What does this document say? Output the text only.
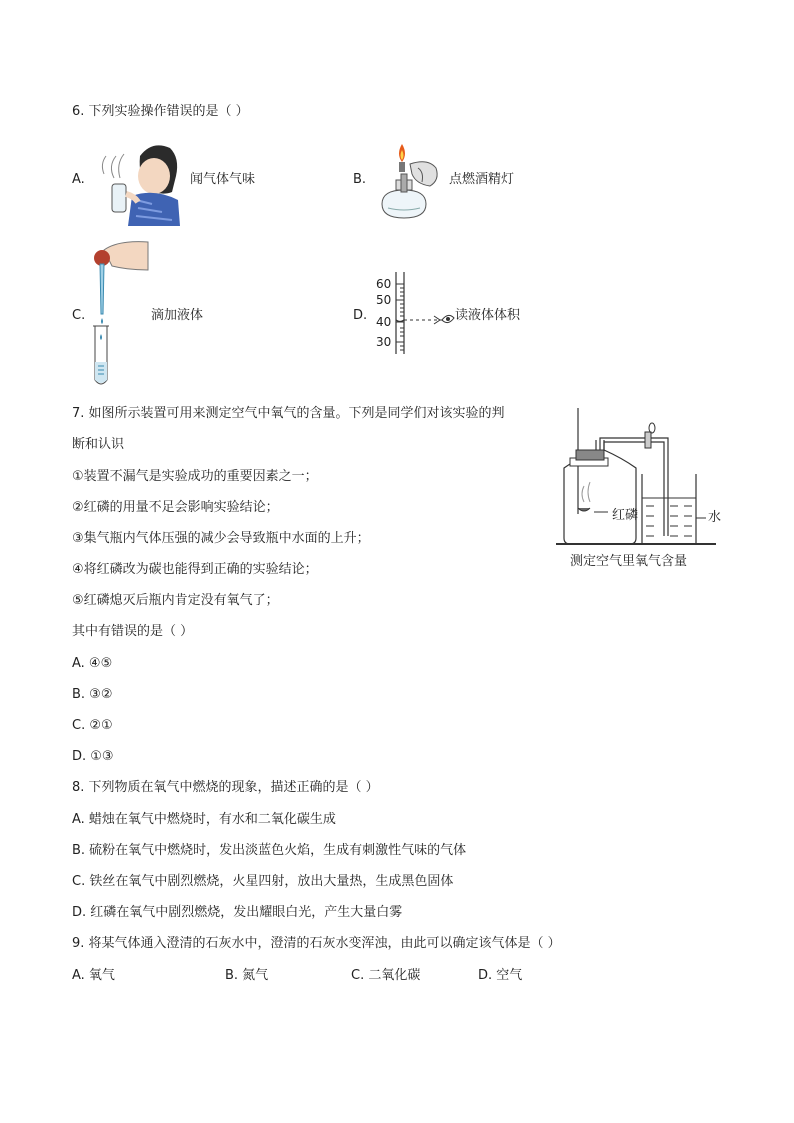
6. 下列实验操作错误的是（ ）
A.	闻气体气味	B.	点燃酒精灯
C.	滴加液体	D.
60
50
40
30
读液体体积
7. 如图所示装置可用来测定空气中氧气的含量。下列是同学们对该实验的判
断和认识
①装置不漏气是实验成功的重要因素之一；
②红磷的用量不足会影响实验结论；
③集气瓶内气体压强的减少会导致瓶中水面的上升；
④将红磷改为碳也能得到正确的实验结论；
⑤红磷熄灭后瓶内肯定没有氧气了；
其中有错误的是（ ）
A. ④⑤
B. ③②
C. ②①
D. ①③
红磷	水
测定空气里氧气含量
8. 下列物质在氧气中燃烧的现象，描述正确的是（ ）
A. 蜡烛在氧气中燃烧时，有水和二氧化碳生成
B. 硫粉在氧气中燃烧时，发出淡蓝色火焰，生成有刺激性气味的气体
C. 铁丝在氧气中剧烈燃烧，火星四射，放出大量热，生成黑色固体
D. 红磷在氧气中剧烈燃烧，发出耀眼白光，产生大量白雾
9. 将某气体通入澄清的石灰水中，澄清的石灰水变浑浊，由此可以确定该气体是（ ）
A. 氧气	B. 氮气	C. 二氧化碳	D. 空气
